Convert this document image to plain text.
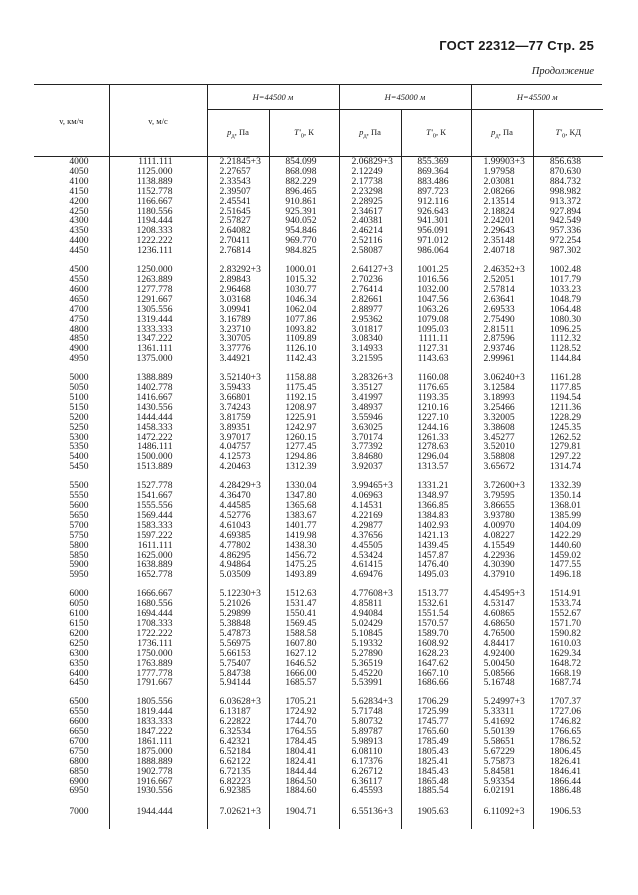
ГОСТ 22312—77 Стр. 25
Продолжение
v, км/ч	v, м/с	H=44500 м		H=45000 м		H=45500 м	
		$p_д$, Па	$T'_0$, К	$p_д$, Па	$T'_0$, К	$p_д$, Па	$T'_0$, КД
4000	1111.111	2.21845+3	854.099	2.06829+3	855.369	1.99903+3	856.638
4050	1125.000	2.27657	868.098	2.12249	869.364	1.97958	870.630
4100	1138.889	2.33543	882.229	2.17738	883.486	2.03081	884.732
4150	1152.778	2.39507	896.465	2.23298	897.723	2.08266	998.982
4200	1166.667	2.45541	910.861	2.28925	912.116	2.13514	913.372
4250	1180.556	2.51645	925.391	2.34617	926.643	2.18824	927.894
4300	1194.444	2.57827	940.052	2.40381	941.301	2.24201	942.549
4350	1208.333	2.64082	954.846	2.46214	956.091	2.29643	957.336
4400	1222.222	2.70411	969.770	2.52116	971.012	2.35148	972.254
4450	1236.111	2.76814	984.825	2.58087	986.064	2.40718	987.302
4500	1250.000	2.83292+3	1000.01	2.64127+3	1001.25	2.46352+3	1002.48
4550	1263.889	2.89843	1015.32	2.70236	1016.56	2.52051	1017.79
4600	1277.778	2.96468	1030.77	2.76414	1032.00	2.57814	1033.23
4650	1291.667	3.03168	1046.34	2.82661	1047.56	2.63641	1048.79
4700	1305.556	3.09941	1062.04	2.88977	1063.26	2.69533	1064.48
4750	1319.444	3.16789	1077.86	2.95362	1079.08	2.75490	1080.30
4800	1333.333	3.23710	1093.82	3.01817	1095.03	2.81511	1096.25
4850	1347.222	3.30705	1109.89	3.08340	1111.11	2.87596	1112.32
4900	1361.111	3.37776	1126.10	3.14933	1127.31	2.93746	1128.52
4950	1375.000	3.44921	1142.43	3.21595	1143.63	2.99961	1144.84
5000	1388.889	3.52140+3	1158.88	3.28326+3	1160.08	3.06240+3	1161.28
5050	1402.778	3.59433	1175.45	3.35127	1176.65	3.12584	1177.85
5100	1416.667	3.66801	1192.15	3.41997	1193.35	3.18993	1194.54
5150	1430.556	3.74243	1208.97	3.48937	1210.16	3.25466	1211.36
5200	1444.444	3.81759	1225.91	3.55946	1227.10	3.32005	1228.29
5250	1458.333	3.89351	1242.97	3.63025	1244.16	3.38608	1245.35
5300	1472.222	3.97017	1260.15	3.70174	1261.33	3.45277	1262.52
5350	1486.111	4.04757	1277.45	3.77392	1278.63	3.52010	1279.81
5400	1500.000	4.12573	1294.86	3.84680	1296.04	3.58808	1297.22
5450	1513.889	4.20463	1312.39	3.92037	1313.57	3.65672	1314.74
5500	1527.778	4.28429+3	1330.04	3.99465+3	1331.21	3.72600+3	1332.39
5550	1541.667	4.36470	1347.80	4.06963	1348.97	3.79595	1350.14
5600	1555.556	4.44585	1365.68	4.14531	1366.85	3.86655	1368.01
5650	1569.444	4.52776	1383.67	4.22169	1384.83	3.93780	1385.99
5700	1583.333	4.61043	1401.77	4.29877	1402.93	4.00970	1404.09
5750	1597.222	4.69385	1419.98	4.37656	1421.13	4.08227	1422.29
5800	1611.111	4.77802	1438.30	4.45505	1439.45	4.15549	1440.60
5850	1625.000	4.86295	1456.72	4.53424	1457.87	4.22936	1459.02
5900	1638.889	4.94864	1475.25	4.61415	1476.40	4.30390	1477.55
5950	1652.778	5.03509	1493.89	4.69476	1495.03	4.37910	1496.18
6000	1666.667	5.12230+3	1512.63	4.77608+3	1513.77	4.45495+3	1514.91
6050	1680.556	5.21026	1531.47	4.85811	1532.61	4.53147	1533.74
6100	1694.444	5.29899	1550.41	4.94084	1551.54	4.60865	1552.67
6150	1708.333	5.38848	1569.45	5.02429	1570.57	4.68650	1571.70
6200	1722.222	5.47873	1588.58	5.10845	1589.70	4.76500	1590.82
6250	1736.111	5.56975	1607.80	5.19332	1608.92	4.84417	1610.03
6300	1750.000	5.66153	1627.12	5.27890	1628.23	4.92400	1629.34
6350	1763.889	5.75407	1646.52	5.36519	1647.62	5.00450	1648.72
6400	1777.778	5.84738	1666.00	5.45220	1667.10	5.08566	1668.19
6450	1791.667	5.94144	1685.57	5.53991	1686.66	5.16748	1687.74
6500	1805.556	6.03628+3	1705.21	5.62834+3	1706.29	5.24997+3	1707.37
6550	1819.444	6.13187	1724.92	5.71748	1725.99	5.33311	1727.06
6600	1833.333	6.22822	1744.70	5.80732	1745.77	5.41692	1746.82
6650	1847.222	6.32534	1764.55	5.89787	1765.60	5.50139	1766.65
6700	1861.111	6.42321	1784.45	5.98913	1785.49	5.58651	1786.52
6750	1875.000	6.52184	1804.41	6.08110	1805.43	5.67229	1806.45
6800	1888.889	6.62122	1824.41	6.17376	1825.41	5.75873	1826.41
6850	1902.778	6.72135	1844.44	6.26712	1845.43	5.84581	1846.41
6900	1916.667	6.82223	1864.50	6.36117	1865.48	5.93354	1866.44
6950	1930.556	6.92385	1884.60	6.45593	1885.54	6.02191	1886.48
7000	1944.444	7.02621+3	1904.71	6.55136+3	1905.63	6.11092+3	1906.53
